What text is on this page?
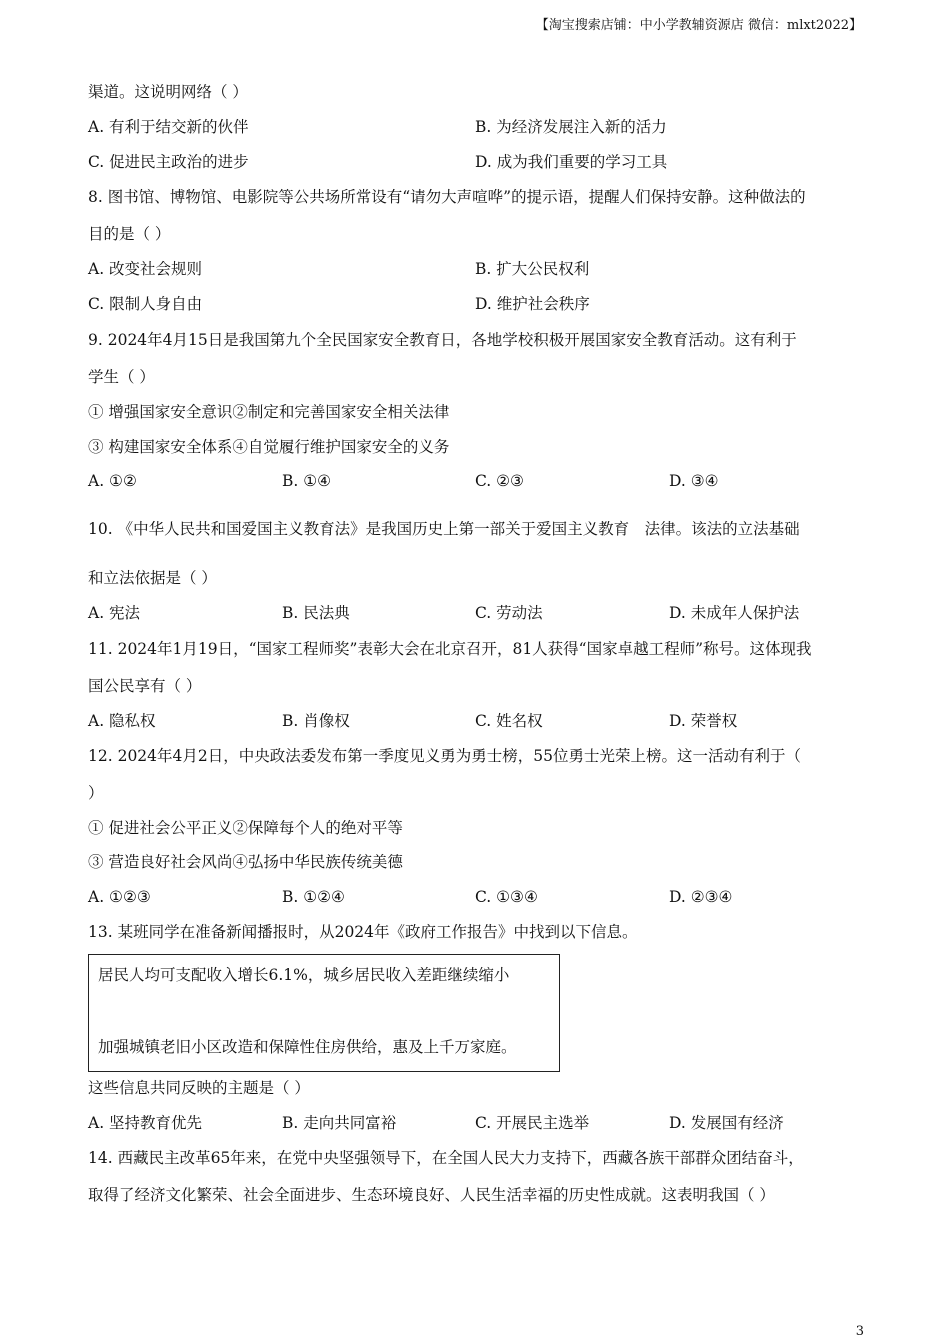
【淘宝搜索店铺：中小学教辅资源店 微信：mlxt2022】
渠道。这说明网络（ ）
A. 有利于结交新的伙伴	B. 为经济发展注入新的活力
C. 促进民主政治的进步	D. 成为我们重要的学习工具
8. 图书馆、博物馆、电影院等公共场所常设有“请勿大声喧哗”的提示语，提醒人们保持安静。这种做法的
目的是（ ）
A. 改变社会规则	B. 扩大公民权利
C. 限制人身自由	D. 维护社会秩序
9. 2024年4月15日是我国第九个全民国家安全教育日，各地学校积极开展国家安全教育活动。这有利于
学生（ ）
① 增强国家安全意识②制定和完善国家安全相关法律
③ 构建国家安全体系④自觉履行维护国家安全的义务
A. ①②	B. ①④	C. ②③	D. ③④
10. 《中华人民共和国爱国主义教育法》是我国历史上第一部关于爱国主义教育　法律。该法的立法基础
和立法依据是（ ）
A. 宪法	B. 民法典	C. 劳动法	D. 未成年人保护法
11. 2024年1月19日，“国家工程师奖”表彰大会在北京召开，81人获得“国家卓越工程师”称号。这体现我
国公民享有（ ）
A. 隐私权	B. 肖像权	C. 姓名权	D. 荣誉权
12. 2024年4月2日，中央政法委发布第一季度见义勇为勇士榜，55位勇士光荣上榜。这一活动有利于（
）
① 促进社会公平正义②保障每个人的绝对平等
③ 营造良好社会风尚④弘扬中华民族传统美德
A. ①②③	B. ①②④	C. ①③④	D. ②③④
13. 某班同学在准备新闻播报时，从2024年《政府工作报告》中找到以下信息。
居民人均可支配收入增长6.1%，城乡居民收入差距继续缩小
加强城镇老旧小区改造和保障性住房供给，惠及上千万家庭。
这些信息共同反映的主题是（ ）
A. 坚持教育优先	B. 走向共同富裕	C. 开展民主选举	D. 发展国有经济
14. 西藏民主改革65年来，在党中央坚强领导下，在全国人民大力支持下，西藏各族干部群众团结奋斗，
取得了经济文化繁荣、社会全面进步、生态环境良好、人民生活幸福的历史性成就。这表明我国（ ）
3
